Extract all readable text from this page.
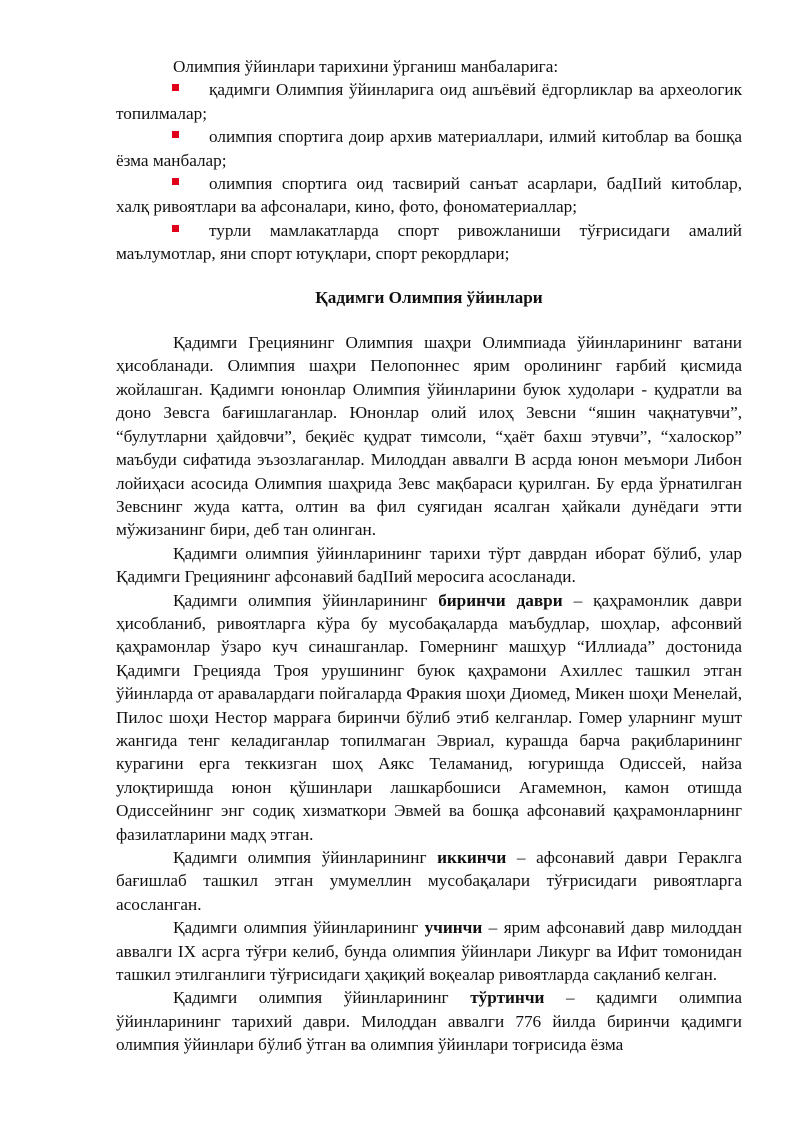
Олимпия ўйинлари тарихини ўрганиш манбаларига:

қадимги Олимпия ўйинларига оид ашъёвий ёдгорликлар ва археологик топилмалар;

олимпия спортига доир архив материаллари, илмий китоблар ва бошқа ёзма манбалар;

олимпия спортига оид тасвирий санъат асарлари, бадIIий китоблар, халқ ривоятлари ва афсоналари, кино, фото, фономатериаллар;

турли мамлакатларда спорт ривожланиши тўғрисидаги амалий маълумотлар, яни спорт ютуқлари, спорт рекордлари;

Қадимги Олимпия ўйинлари

Қадимги Грециянинг Олимпия шаҳри Олимпиада ўйинларининг ватани ҳисобланади. Олимпия шаҳри Пелопоннес ярим оролининг ғарбий қисмида жойлашган. Қадимги юнонлар Олимпия ўйинларини буюк худолари - қудратли ва доно Зевсга бағишлаганлар. Юнонлар олий илоҳ Зевсни “яшин чақнатувчи”, “булутларни ҳайдовчи”, беқиёс қудрат тимсоли, “ҳаёт бахш этувчи”, “халоскор” маъбуди сифатида эъзозлаганлар. Милоддан аввалги В асрда юнон меъмори Либон лойиҳаси асосида Олимпия шаҳрида Зевс мақбараси қурилган. Бу ерда ўрнатилган Зевснинг жуда катта, олтин ва фил суягидан ясалган ҳайкали дунёдаги этти мўжизанинг бири, деб тан олинган.

Қадимги олимпия ўйинларининг тарихи тўрт даврдан иборат бўлиб, улар Қадимги Грециянинг афсонавий бадIIий меросига асосланади.

Қадимги олимпия ўйинларининг биринчи даври – қаҳрамонлик даври ҳисобланиб, ривоятларга кўра бу мусобақаларда маъбудлар, шоҳлар, афсонвий қаҳрамонлар ўзаро куч синашганлар. Гомернинг машҳур “Иллиада” достонида Қадимги Грецияда Троя урушининг буюк қаҳрамони Ахиллес ташкил этган ўйинларда от аравалардаги пойгаларда Фракия шоҳи Диомед, Микен шоҳи Менелай, Пилос шоҳи Нестор марраға биринчи бўлиб этиб келганлар. Гомер уларнинг мушт жангида тенг келадиганлар топилмаган Эвриал, курашда барча рақибларининг курагини ерга теккизган шоҳ Аякс Теламанид, югуришда Одиссей, найза улоқтиришда юнон қўшинлари лашкарбошиси Агамемнон, камон отишда Одиссейнинг энг содиқ хизматкори Эвмей ва бошқа афсонавий қаҳрамонларнинг фазилатларини мадҳ этган.

Қадимги олимпия ўйинларининг иккинчи – афсонавий даври Гераклга бағишлаб ташкил этган умумеллин мусобақалари тўғрисидаги ривоятларга асосланган.

Қадимги олимпия ўйинларининг учинчи – ярим афсонавий давр милоддан аввалги IХ асрга тўғри келиб, бунда олимпия ўйинлари Ликург ва Ифит томонидан ташкил этилганлиги тўғрисидаги ҳақиқий воқеалар ривоятларда сақланиб келган.

Қадимги олимпия ўйинларининг тўртинчи – қадимги олимпиа ўйинларининг тарихий даври. Милоддан аввалги 776 йилда биринчи қадимги олимпия ўйинлари бўлиб ўтган ва олимпия ўйинлари тоғрисида ёзма
